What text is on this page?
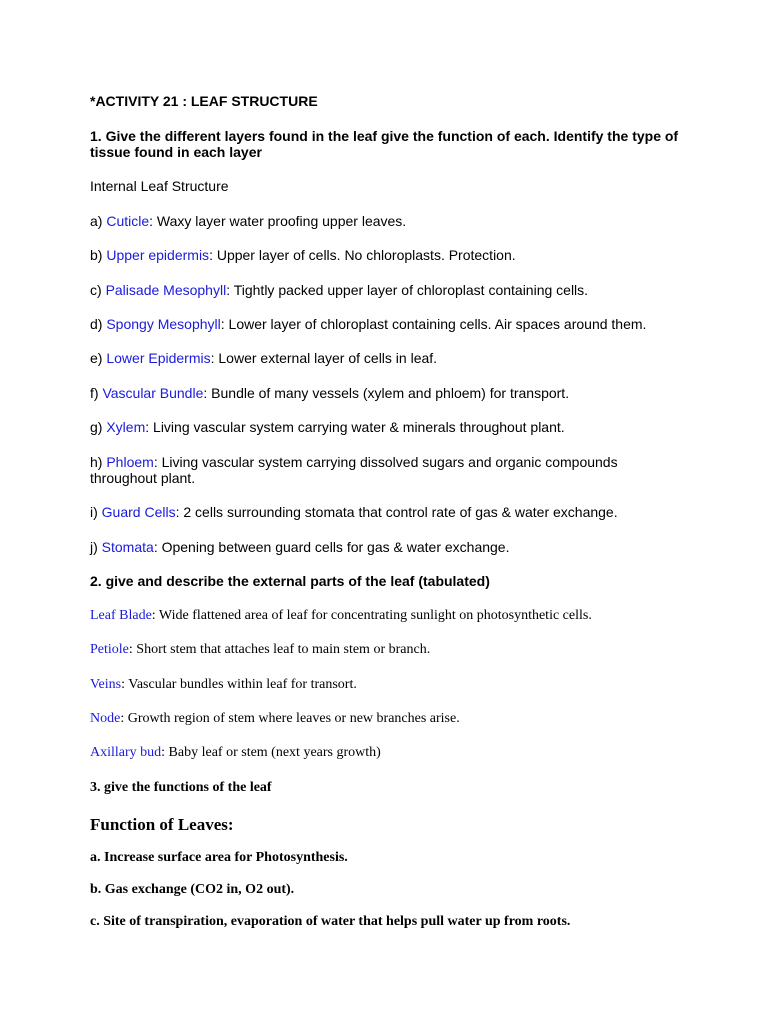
*ACTIVITY 21 : LEAF STRUCTURE

1. Give the different layers found in the leaf give the function of each. Identify the type of tissue found in each layer

Internal Leaf Structure

a) Cuticle: Waxy layer water proofing upper leaves.

b) Upper epidermis: Upper layer of cells. No chloroplasts. Protection.

c) Palisade Mesophyll: Tightly packed upper layer of chloroplast containing cells.

d) Spongy Mesophyll: Lower layer of chloroplast containing cells. Air spaces around them.

e) Lower Epidermis: Lower external layer of cells in leaf.

f) Vascular Bundle: Bundle of many vessels (xylem and phloem) for transport.

g) Xylem: Living vascular system carrying water & minerals throughout plant.

h) Phloem: Living vascular system carrying dissolved sugars and organic compounds throughout plant.

i) Guard Cells: 2 cells surrounding stomata that control rate of gas & water exchange.

j) Stomata: Opening between guard cells for gas & water exchange.

2. give and describe the external parts of the leaf (tabulated)

Leaf Blade: Wide flattened area of leaf for concentrating sunlight on photosynthetic cells.

Petiole: Short stem that attaches leaf to main stem or branch.

Veins: Vascular bundles within leaf for transort.

Node: Growth region of stem where leaves or new branches arise.

Axillary bud: Baby leaf or stem (next years growth)

3. give the functions of the leaf

Function of Leaves:

a. Increase surface area for Photosynthesis.

b. Gas exchange (CO2 in, O2 out).

c. Site of transpiration, evaporation of water that helps pull water up from roots.
